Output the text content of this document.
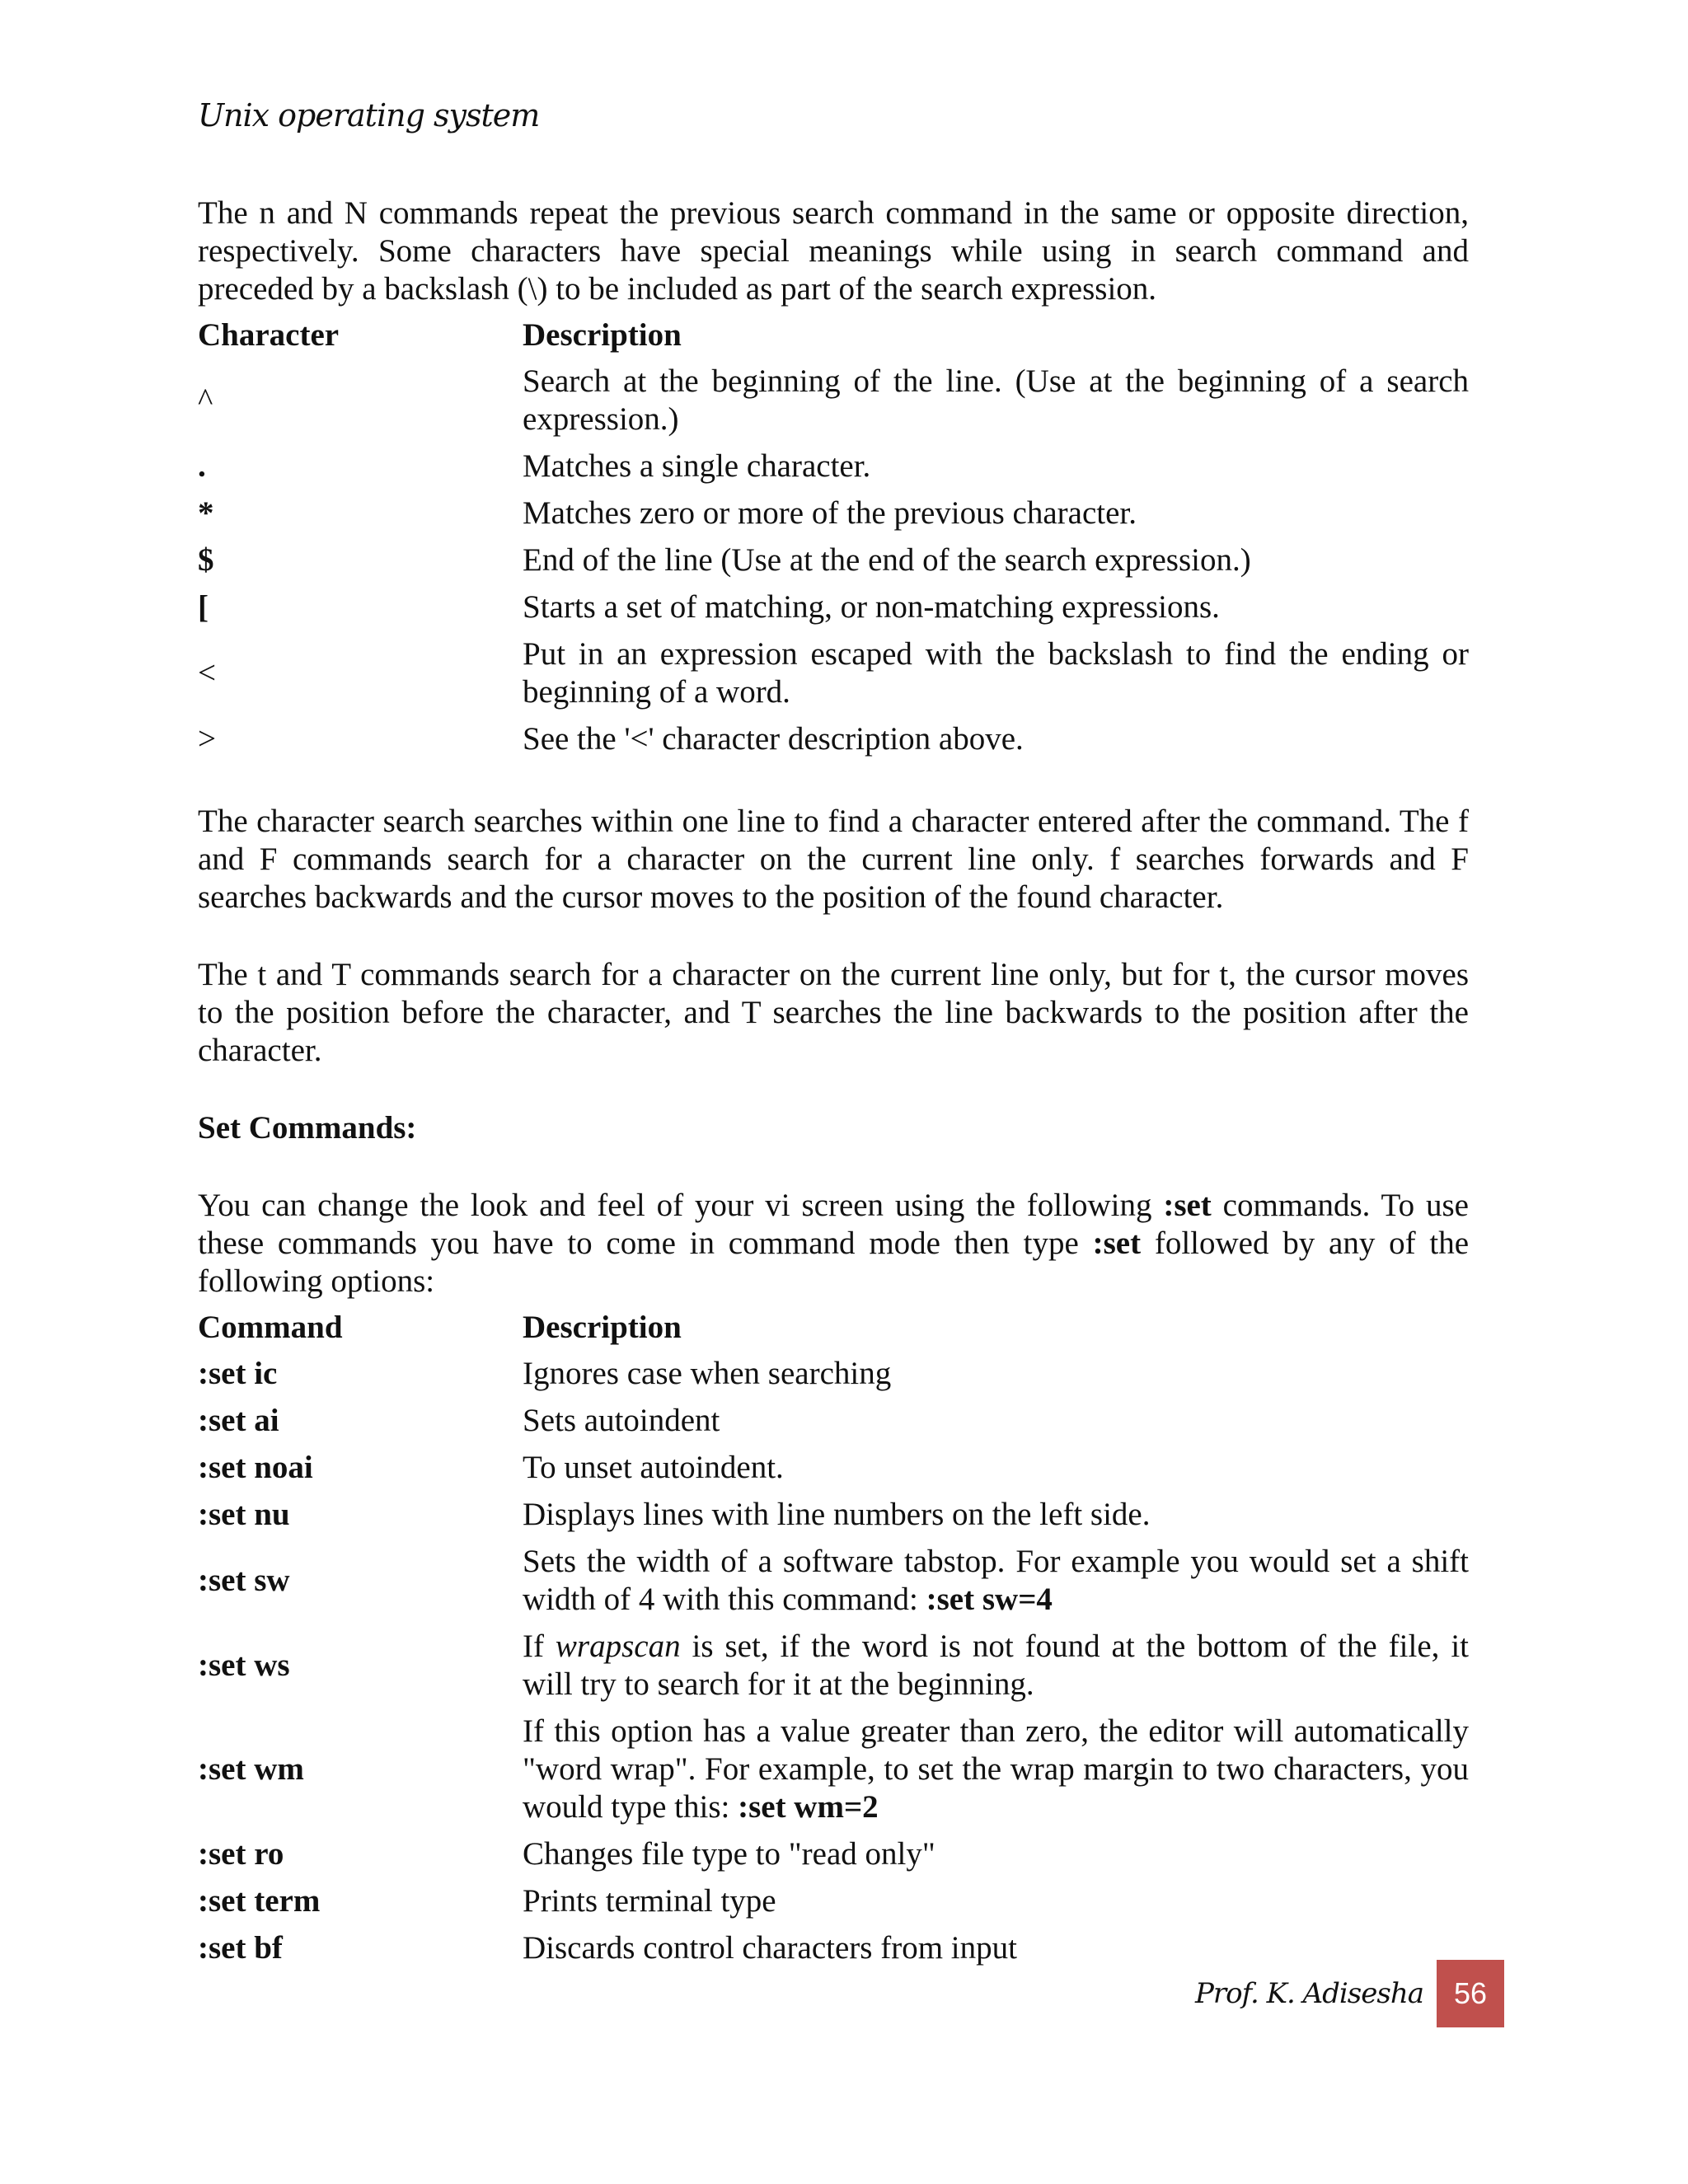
Unix operating system

The n and N commands repeat the previous search command in the same or opposite direction, respectively. Some characters have special meanings while using in search command and preceded by a backslash (\) to be included as part of the search expression.

Character	Description
^	Search at the beginning of the line. (Use at the beginning of a search expression.)
.	Matches a single character.
*	Matches zero or more of the previous character.
$	End of the line (Use at the end of the search expression.)
[	Starts a set of matching, or non-matching expressions.
<	Put in an expression escaped with the backslash to find the ending or beginning of a word.
>	See the '<' character description above.

The character search searches within one line to find a character entered after the command. The f and F commands search for a character on the current line only. f searches forwards and F searches backwards and the cursor moves to the position of the found character.

The t and T commands search for a character on the current line only, but for t, the cursor moves to the position before the character, and T searches the line backwards to the position after the character.

Set Commands:

You can change the look and feel of your vi screen using the following :set commands. To use these commands you have to come in command mode then type :set followed by any of the following options:

Command	Description
:set ic	Ignores case when searching
:set ai	Sets autoindent
:set noai	To unset autoindent.
:set nu	Displays lines with line numbers on the left side.
:set sw	Sets the width of a software tabstop. For example you would set a shift width of 4 with this command: :set sw=4
:set ws	If wrapscan is set, if the word is not found at the bottom of the file, it will try to search for it at the beginning.
:set wm	If this option has a value greater than zero, the editor will automatically "word wrap". For example, to set the wrap margin to two characters, you would type this: :set wm=2
:set ro	Changes file type to "read only"
:set term	Prints terminal type
:set bf	Discards control characters from input
Prof. K. Adisesha	56
